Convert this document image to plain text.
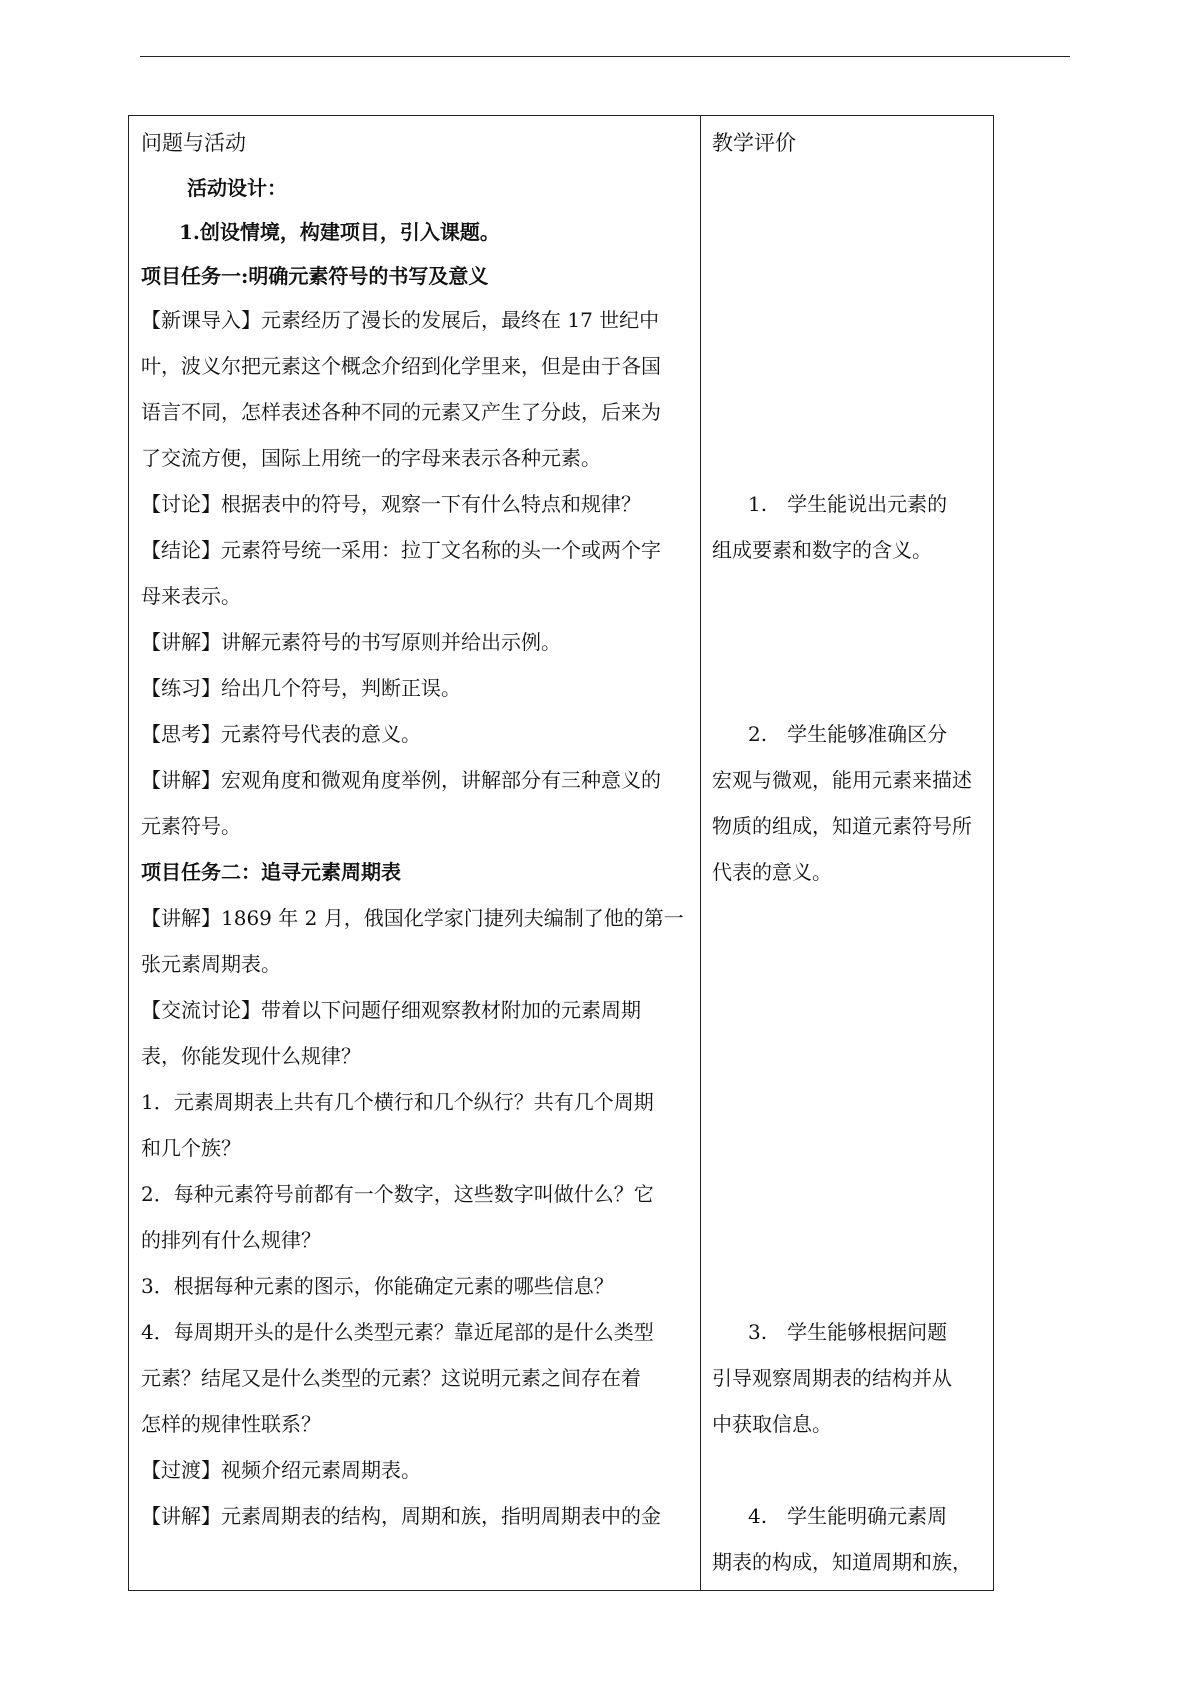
问题与活动
活动设计：
1.创设情境，构建项目，引入课题。
项目任务一:明确元素符号的书写及意义
【新课导入】元素经历了漫长的发展后，最终在 17 世纪中
叶，波义尔把元素这个概念介绍到化学里来，但是由于各国
语言不同，怎样表述各种不同的元素又产生了分歧，后来为
了交流方便，国际上用统一的字母来表示各种元素。
【讨论】根据表中的符号，观察一下有什么特点和规律？
【结论】元素符号统一采用：拉丁文名称的头一个或两个字
母来表示。
【讲解】讲解元素符号的书写原则并给出示例。
【练习】给出几个符号，判断正误。
【思考】元素符号代表的意义。
【讲解】宏观角度和微观角度举例，讲解部分有三种意义的
元素符号。
项目任务二：追寻元素周期表
【讲解】1869 年 2 月，俄国化学家门捷列夫编制了他的第一
张元素周期表。
【交流讨论】带着以下问题仔细观察教材附加的元素周期
表，你能发现什么规律？
1．元素周期表上共有几个横行和几个纵行？共有几个周期
和几个族？
2．每种元素符号前都有一个数字，这些数字叫做什么？它
的排列有什么规律？
3．根据每种元素的图示，你能确定元素的哪些信息？
4．每周期开头的是什么类型元素？靠近尾部的是什么类型
元素？结尾又是什么类型的元素？这说明元素之间存在着
怎样的规律性联系？
【过渡】视频介绍元素周期表。
【讲解】元素周期表的结构，周期和族，指明周期表中的金
教学评价
1.　学生能说出元素的
组成要素和数字的含义。
2.　学生能够准确区分
宏观与微观，能用元素来描述
物质的组成，知道元素符号所
代表的意义。
3.　学生能够根据问题
引导观察周期表的结构并从
中获取信息。
4.　学生能明确元素周
期表的构成，知道周期和族，
